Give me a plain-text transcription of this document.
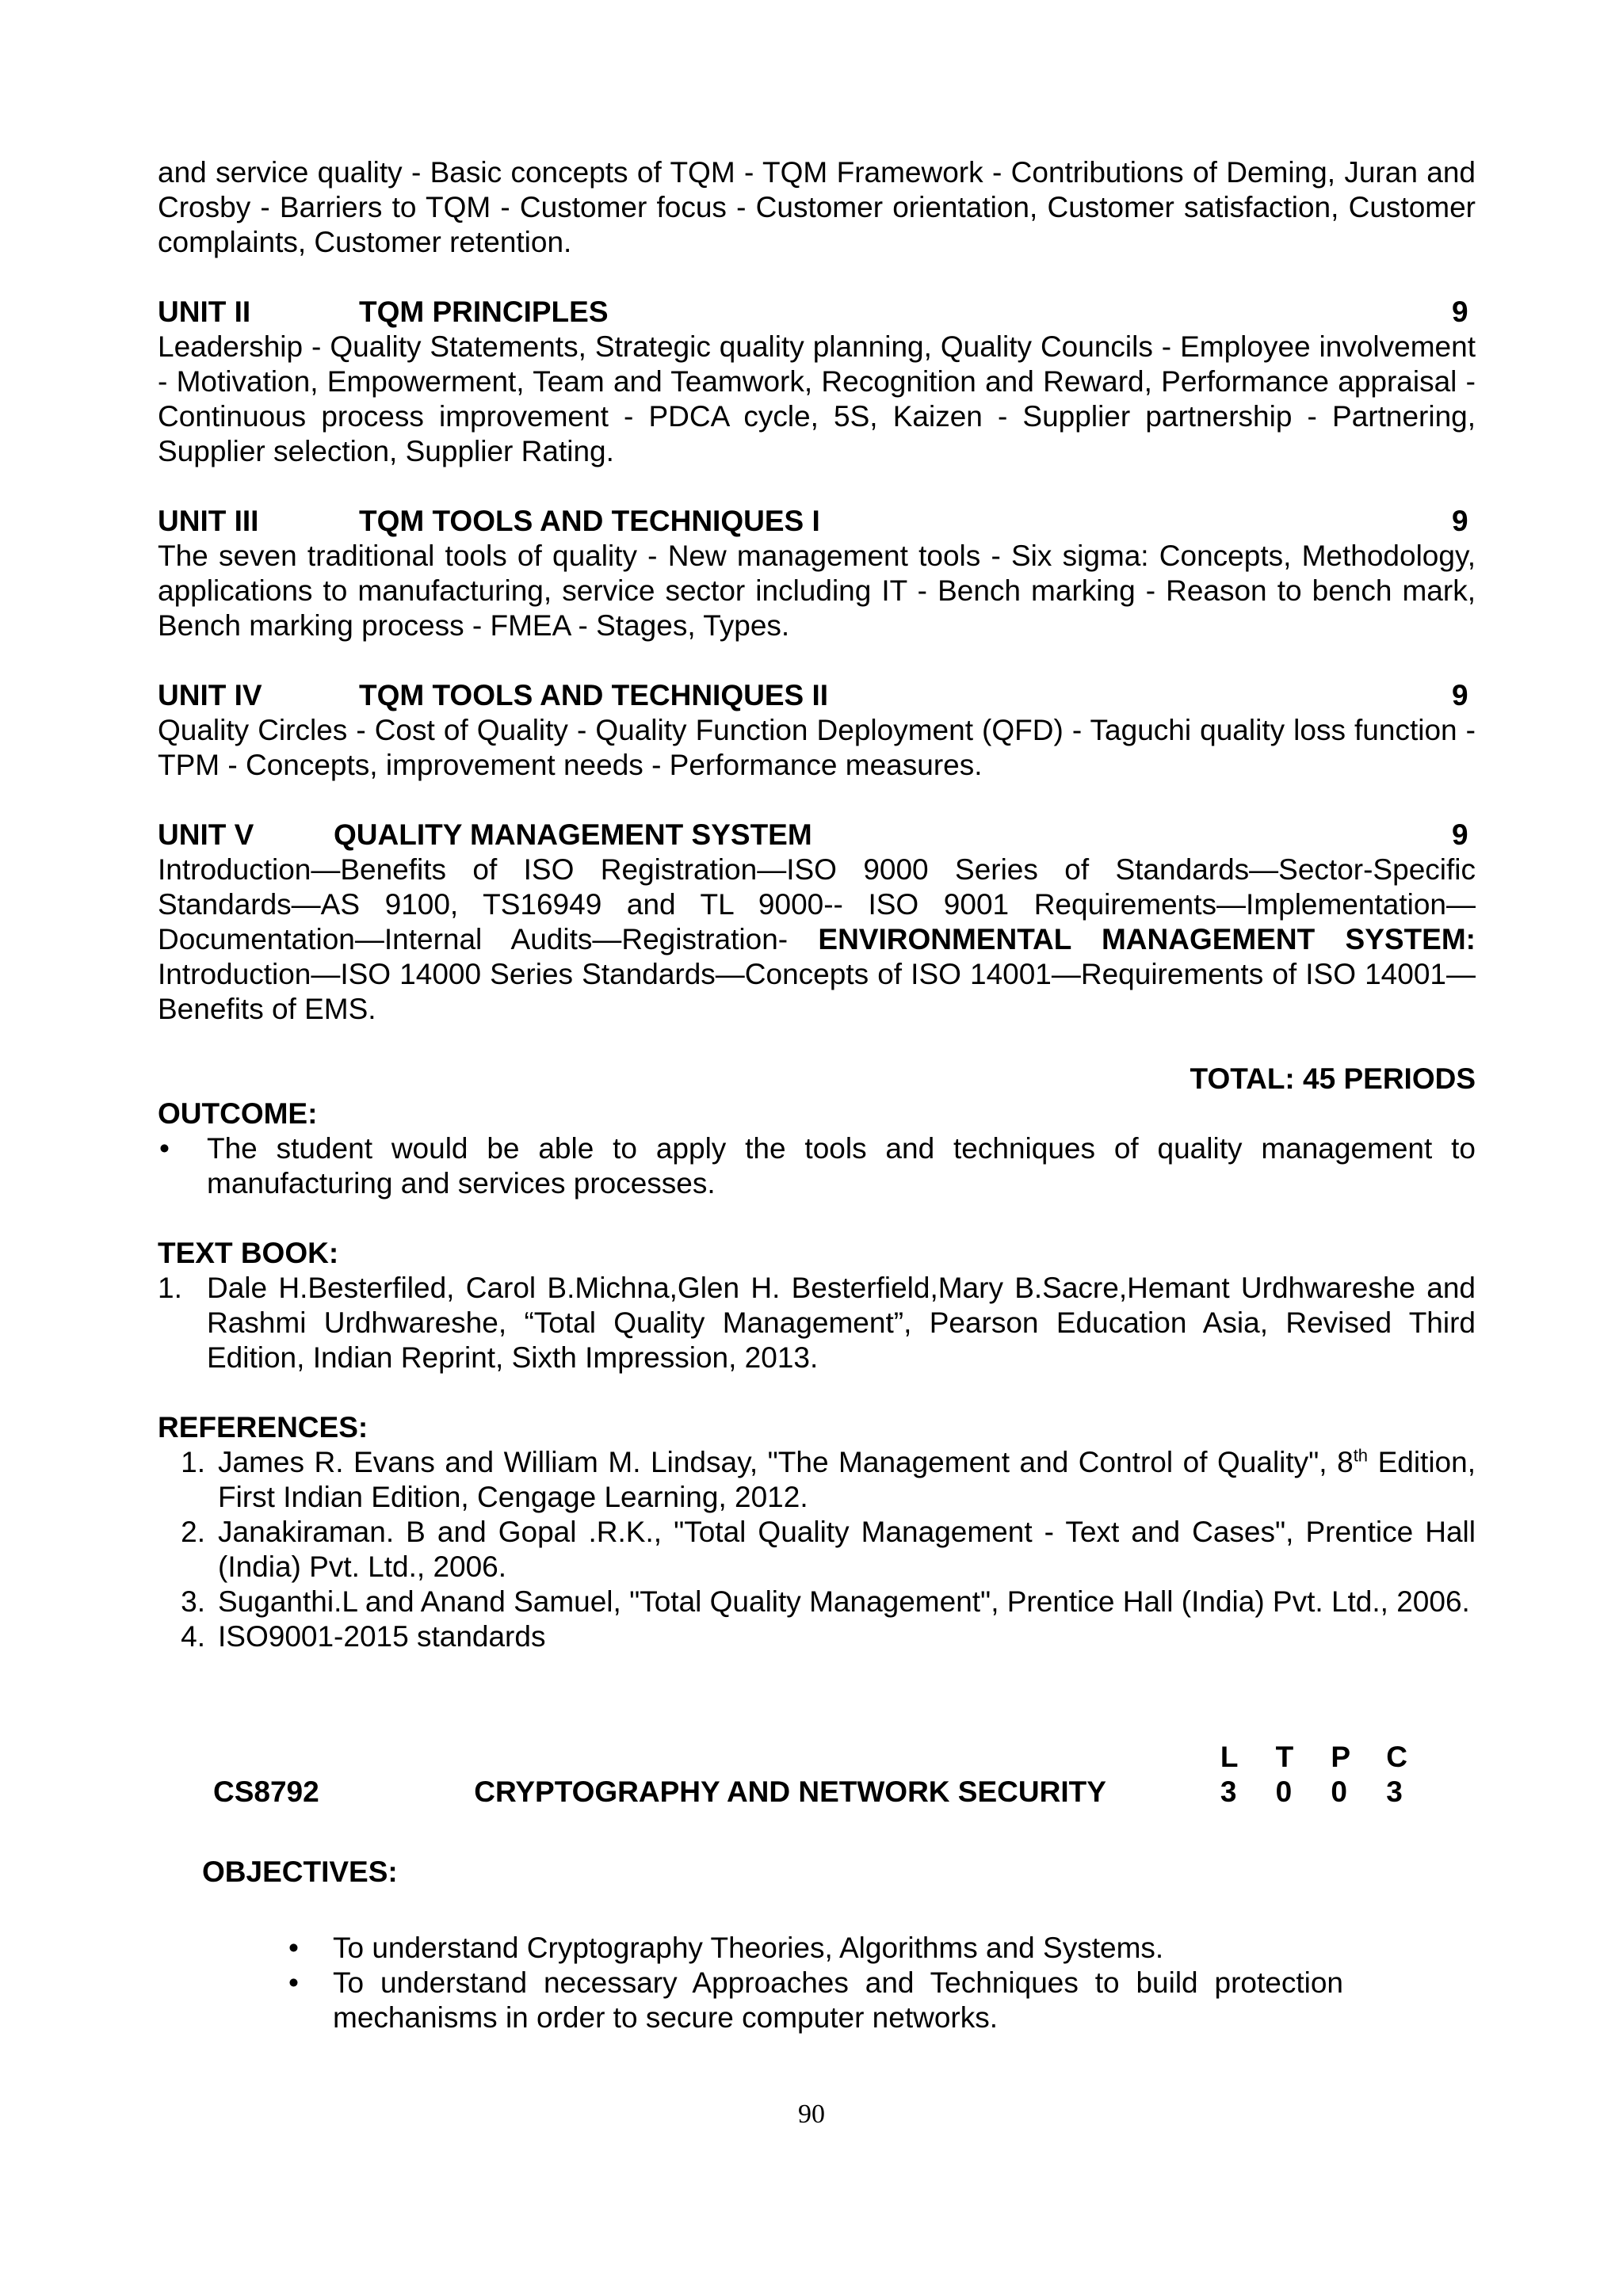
and service quality - Basic concepts of TQM - TQM Framework - Contributions of Deming, Juran and Crosby - Barriers to TQM - Customer focus - Customer orientation, Customer satisfaction, Customer complaints, Customer retention.

UNIT II	TQM PRINCIPLES	9

Leadership - Quality Statements, Strategic quality planning, Quality Councils - Employee involvement - Motivation, Empowerment, Team and Teamwork, Recognition and Reward, Performance appraisal - Continuous process improvement - PDCA cycle, 5S, Kaizen - Supplier partnership - Partnering, Supplier selection, Supplier Rating.

UNIT III	TQM TOOLS AND TECHNIQUES I	9

The seven traditional tools of quality - New management tools - Six sigma: Concepts, Methodology, applications to manufacturing, service sector including IT - Bench marking - Reason to bench mark, Bench marking process - FMEA - Stages, Types.

UNIT IV	TQM TOOLS AND TECHNIQUES II	9

Quality Circles - Cost of Quality - Quality Function Deployment (QFD) - Taguchi quality loss function - TPM - Concepts, improvement needs - Performance measures.

UNIT V	QUALITY MANAGEMENT SYSTEM	9

Introduction—Benefits of ISO Registration—ISO 9000 Series of Standards—Sector-Specific Standards—AS 9100, TS16949 and TL 9000-- ISO 9001 Requirements—Implementation—Documentation—Internal Audits—Registration- ENVIRONMENTAL MANAGEMENT SYSTEM: Introduction—ISO 14000 Series Standards—Concepts of ISO 14001—Requirements of ISO 14001—Benefits of EMS.

TOTAL: 45 PERIODS

OUTCOME:

• The student would be able to apply the tools and techniques of quality management to manufacturing and services processes.

TEXT BOOK:

1. Dale H.Besterfiled, Carol B.Michna,Glen H. Besterfield,Mary B.Sacre,Hemant Urdhwareshe and Rashmi Urdhwareshe, “Total Quality Management”, Pearson Education Asia, Revised Third Edition, Indian Reprint, Sixth Impression, 2013.

REFERENCES:

1. James R. Evans and William M. Lindsay, "The Management and Control of Quality", 8th Edition, First Indian Edition, Cengage Learning, 2012.
2. Janakiraman. B and Gopal .R.K., "Total Quality Management - Text and Cases", Prentice Hall (India) Pvt. Ltd., 2006.
3. Suganthi.L and Anand Samuel, "Total Quality Management", Prentice Hall (India) Pvt. Ltd., 2006.
4. ISO9001-2015 standards
L	T	P	C
CS8792	CRYPTOGRAPHY AND NETWORK SECURITY	3	0	0	3

OBJECTIVES:

• To understand Cryptography Theories, Algorithms and Systems.
• To understand necessary Approaches and Techniques to build protection mechanisms in order to secure computer networks.
90
